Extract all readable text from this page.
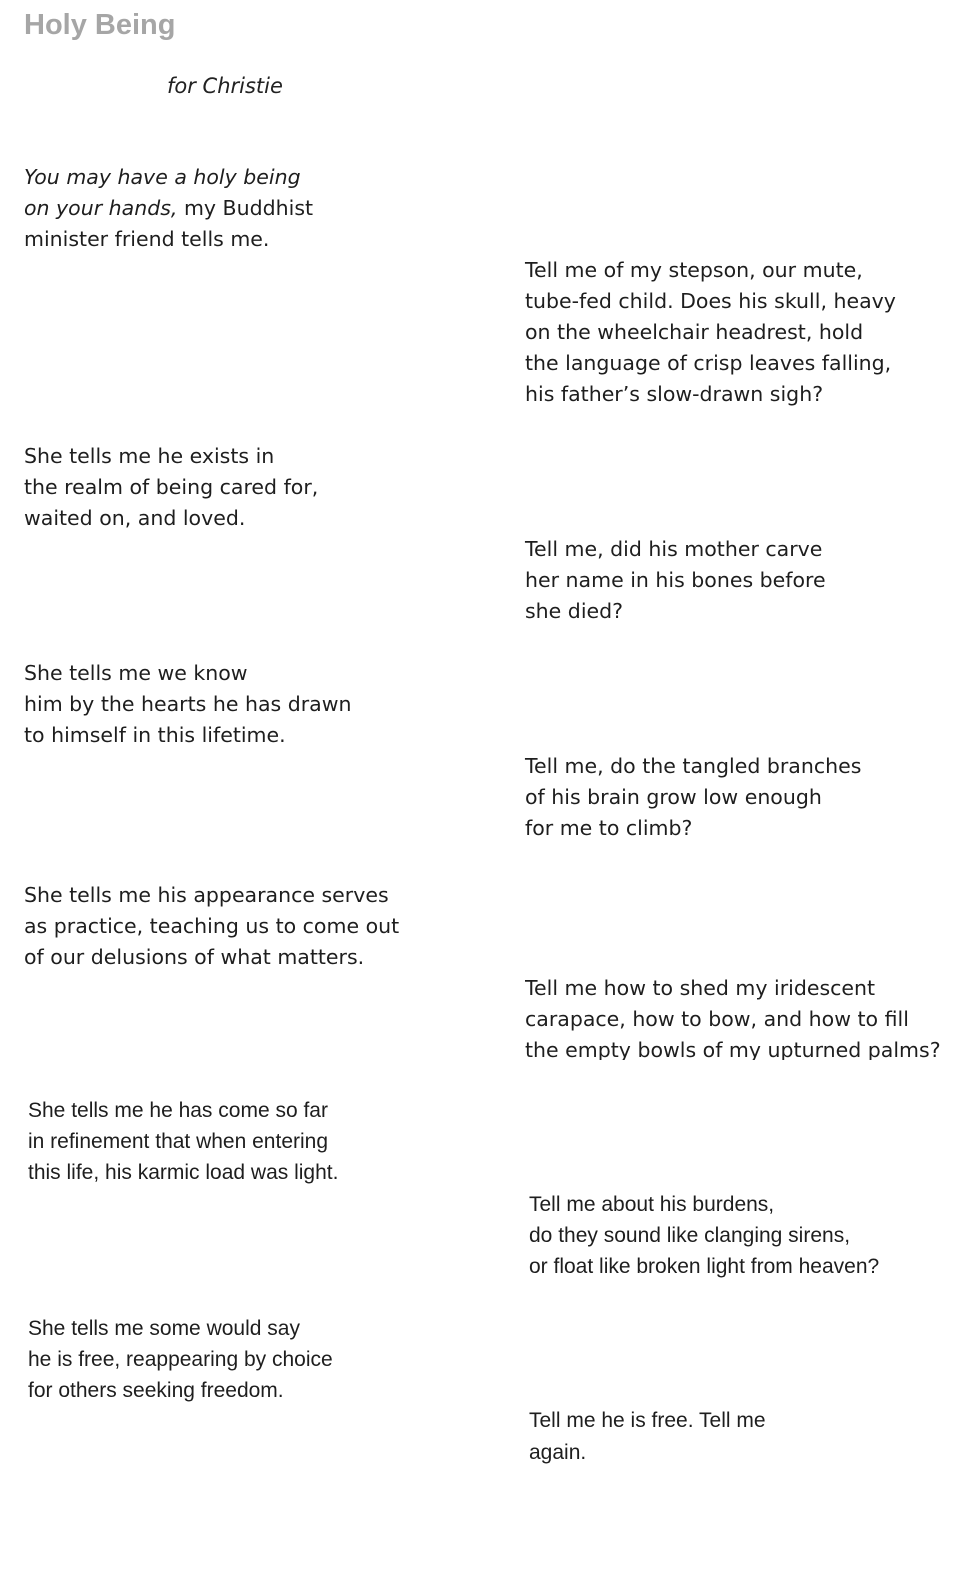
Holy Being
for Christie
You may have a holy being
on your hands, my Buddhist
minister friend tells me.
She tells me he exists in
the realm of being cared for,
waited on, and loved.
She tells me we know
him by the hearts he has drawn
to himself in this lifetime.
She tells me his appearance serves
as practice, teaching us to come out
of our delusions of what matters.
She tells me he has come so far
in refinement that when entering
this life, his karmic load was light.
She tells me some would say
he is free, reappearing by choice
for others seeking freedom.
Tell me of my stepson, our mute,
tube-fed child. Does his skull, heavy
on the wheelchair headrest, hold
the language of crisp leaves falling,
his father’s slow-drawn sigh?
Tell me, did his mother carve
her name in his bones before
she died?
Tell me, do the tangled branches
of his brain grow low enough
for me to climb?
Tell me how to shed my iridescent
carapace, how to bow, and how to fill
the empty bowls of my upturned palms?
Tell me about his burdens,
do they sound like clanging sirens,
or float like broken light from heaven?
Tell me he is free. Tell me
again.
